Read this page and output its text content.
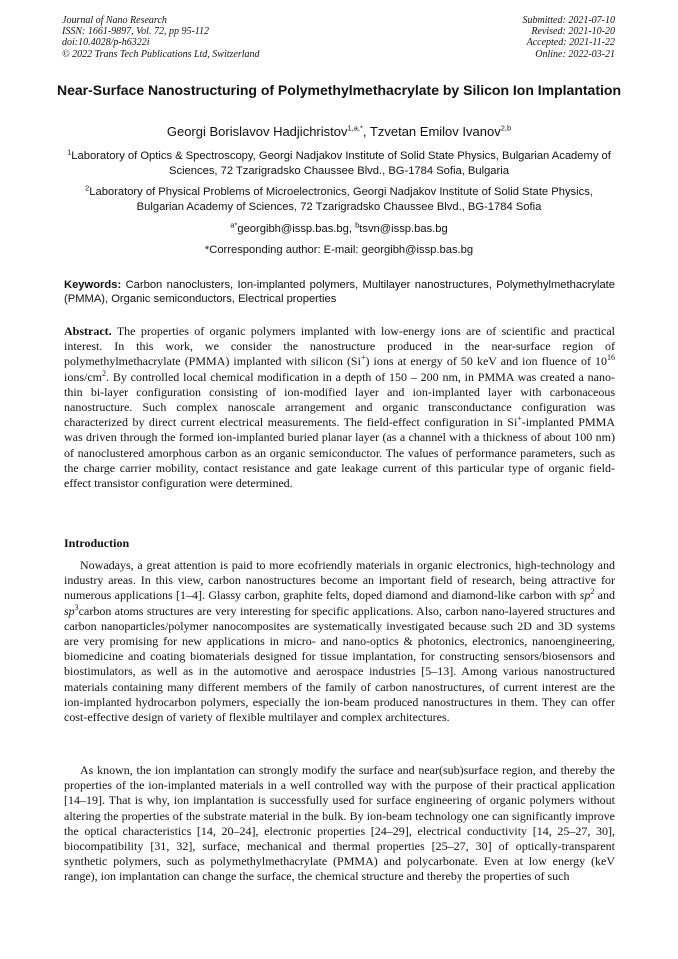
Journal of Nano Research
ISSN: 1661-9897, Vol. 72, pp 95-112
doi:10.4028/p-h6322i
© 2022 Trans Tech Publications Ltd, Switzerland
Submitted: 2021-07-10
Revised: 2021-10-20
Accepted: 2021-11-22
Online: 2022-03-21
Near-Surface Nanostructuring of Polymethylmethacrylate by Silicon Ion Implantation
Georgi Borislavov Hadjichristov$^{1,a,*}$, Tzvetan Emilov Ivanov$^{2,b}$
$^1$Laboratory of Optics & Spectroscopy, Georgi Nadjakov Institute of Solid State Physics, Bulgarian Academy of Sciences, 72 Tzarigradsko Chaussee Blvd., BG-1784 Sofia, Bulgaria
$^2$Laboratory of Physical Problems of Microelectronics, Georgi Nadjakov Institute of Solid State Physics, Bulgarian Academy of Sciences, 72 Tzarigradsko Chaussee Blvd., BG-1784 Sofia
$^{a*}$georgibh@issp.bas.bg, $^b$tsvn@issp.bas.bg
*Corresponding author: E-mail: georgibh@issp.bas.bg
Keywords: Carbon nanoclusters, Ion-implanted polymers, Multilayer nanostructures, Polymethylmethacrylate (PMMA), Organic semiconductors, Electrical properties
Abstract. The properties of organic polymers implanted with low-energy ions are of scientific and practical interest. In this work, we consider the nanostructure produced in the near-surface region of polymethylmethacrylate (PMMA) implanted with silicon (Si+) ions at energy of 50 keV and ion fluence of $10^{16}$ ions/$cm^2$. By controlled local chemical modification in a depth of 150 – 200 nm, in PMMA was created a nano-thin bi-layer configuration consisting of ion-modified layer and ion-implanted layer with carbonaceous nanostructure. Such complex nanoscale arrangement and organic transconductance configuration was characterized by direct current electrical measurements. The field-effect configuration in Si+-implanted PMMA was driven through the formed ion-implanted buried planar layer (as a channel with a thickness of about 100 nm) of nanoclustered amorphous carbon as an organic semiconductor. The values of performance parameters, such as the charge carrier mobility, contact resistance and gate leakage current of this particular type of organic field-effect transistor configuration were determined.
Introduction
Nowadays, a great attention is paid to more ecofriendly materials in organic electronics, high-technology and industry areas. In this view, carbon nanostructures become an important field of research, being attractive for numerous applications [1–4]. Glassy carbon, graphite felts, doped diamond and diamond-like carbon with $sp^2$ and $sp^3carbon$ atoms structures are very interesting for specific applications. Also, carbon nano-layered structures and carbon nanoparticles/polymer nanocomposites are systematically investigated because such 2D and 3D systems are very promising for new applications in micro- and nano-optics & photonics, electronics, nanoengineering, biomedicine and coating biomaterials designed for tissue implantation, for constructing sensors/biosensors and biostimulators, as well as in the automotive and aerospace industries [5–13]. Among various nanostructured materials containing many different members of the family of carbon nanostructures, of current interest are the ion-implanted hydrocarbon polymers, especially the ion-beam produced nanostructures in them. They can offer cost-effective design of variety of flexible multilayer and complex architectures.
As known, the ion implantation can strongly modify the surface and near(sub)surface region, and thereby the properties of the ion-implanted materials in a well controlled way with the purpose of their practical application [14–19]. That is why, ion implantation is successfully used for surface engineering of organic polymers without altering the properties of the substrate material in the bulk. By ion-beam technology one can significantly improve the optical characteristics [14, 20–24], electronic properties [24–29], electrical conductivity [14, 25–27, 30], biocompatibility [31, 32], surface, mechanical and thermal properties [25–27, 30] of optically-transparent synthetic polymers, such as polymethylmethacrylate (PMMA) and polycarbonate. Even at low energy (keV range), ion implantation can change the surface, the chemical structure and thereby the properties of such
